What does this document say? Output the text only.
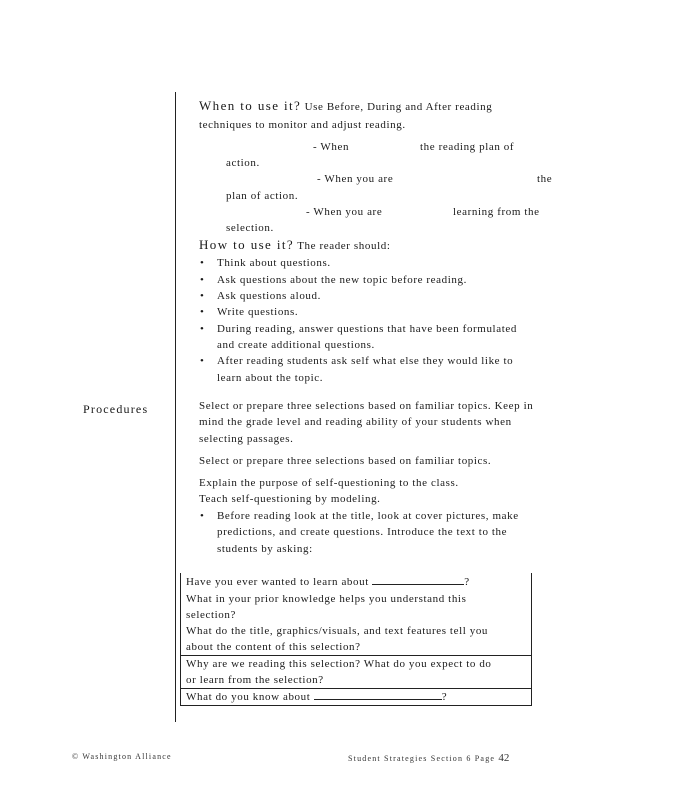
When to use it? Use Before, During and After reading
techniques to monitor and adjust reading.
- When	the reading plan of
action.
- When you are	the
plan of action.
- When you are	learning from the
selection.
How to use it? The reader should:
• Think about questions.
• Ask questions about the new topic before reading.
• Ask questions aloud.
• Write questions.
• During reading, answer questions that have been formulated
and create additional questions.
• After reading students ask self what else they would like to
learn about the topic.
Procedures	Select or prepare three selections based on familiar topics. Keep in
mind the grade level and reading ability of your students when
selecting passages.
Select or prepare three selections based on familiar topics.
Explain the purpose of self-questioning to the class.
Teach self-questioning by modeling.
• Before reading look at the title, look at cover pictures, make
predictions, and create questions. Introduce the text to the
students by asking:
Have you ever wanted to learn about	?
What in your prior knowledge helps you understand this
selection?
What do the title, graphics/visuals, and text features tell you
about the content of this selection?
Why are we reading this selection? What do you expect to do
or learn from the selection?
What do you know about	?
© Washington Alliance	Student Strategies Section 6 Page 42
